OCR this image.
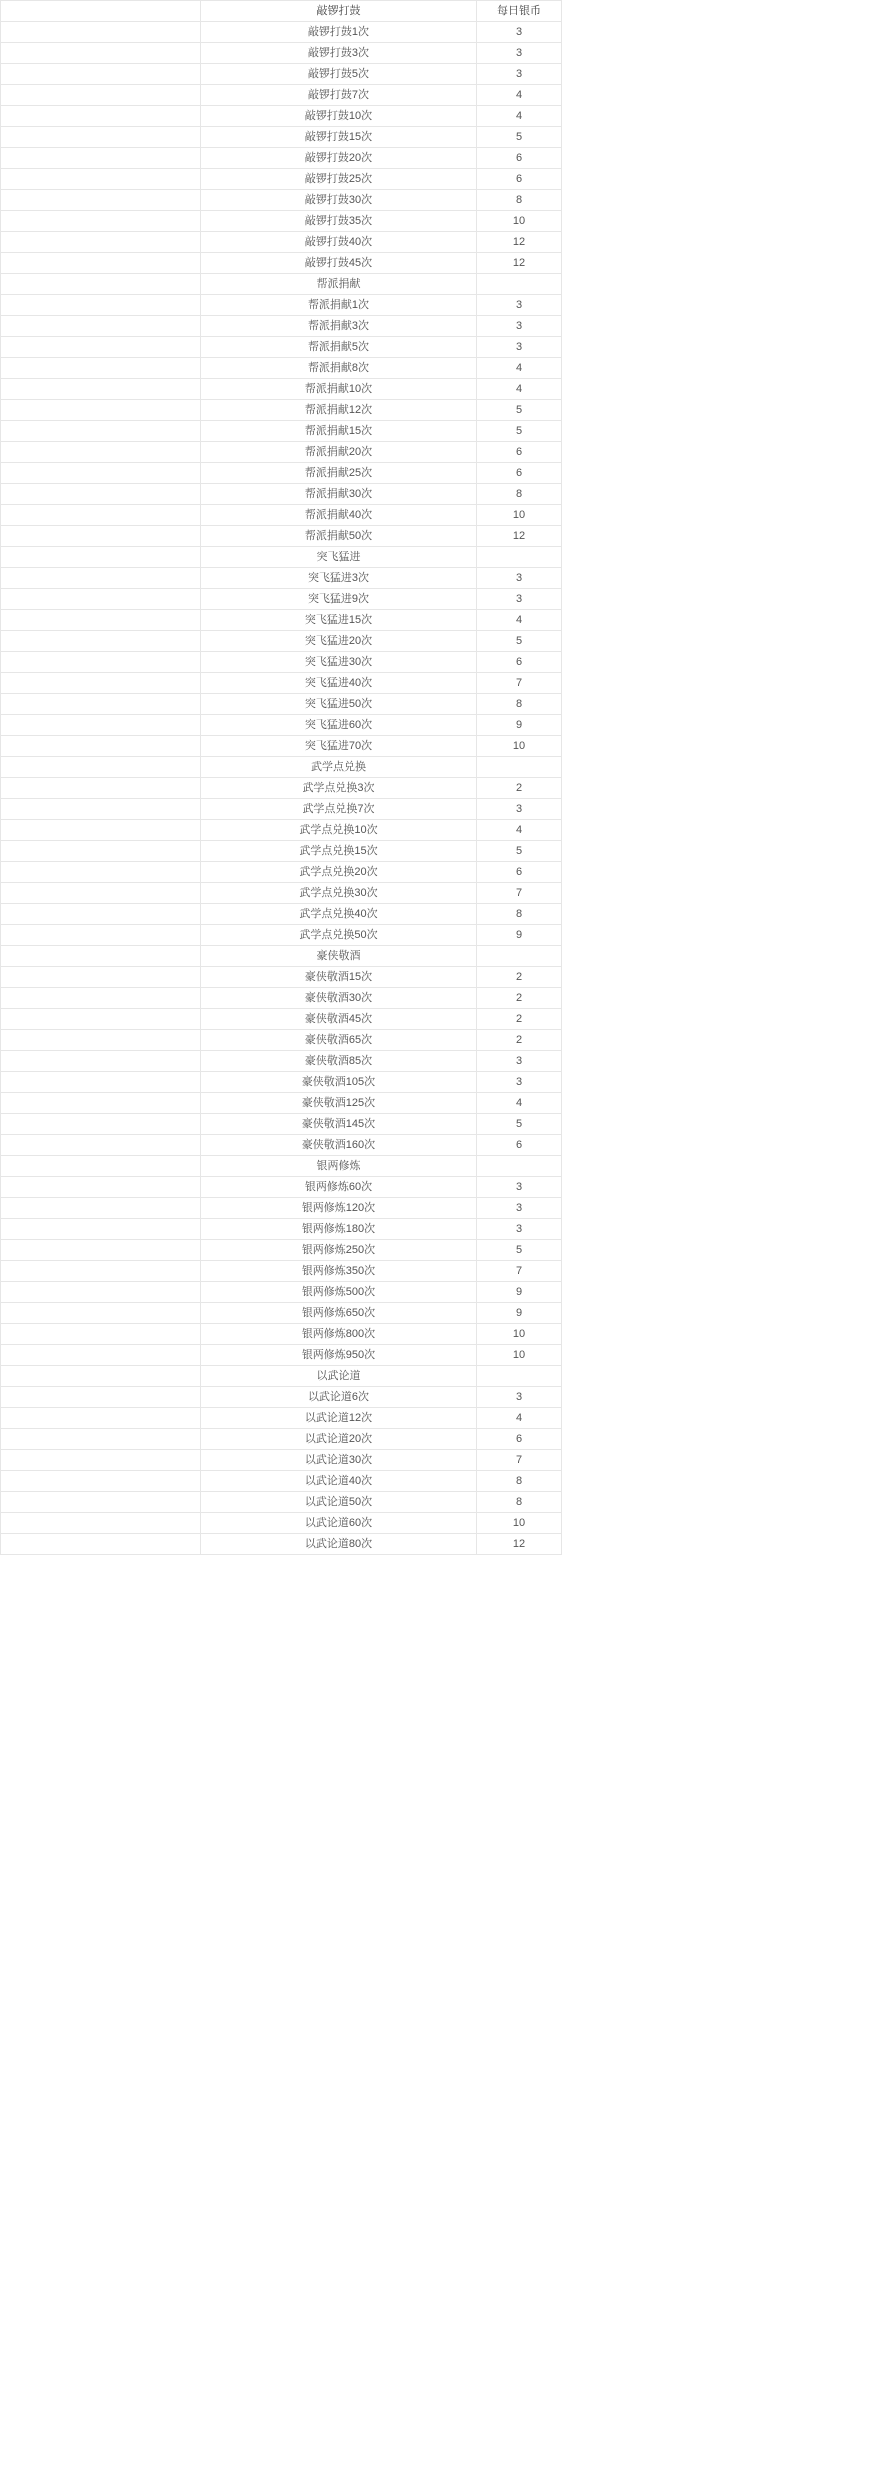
	敲锣打鼓	每日银币
	敲锣打鼓1次	3
	敲锣打鼓3次	3
	敲锣打鼓5次	3
	敲锣打鼓7次	4
	敲锣打鼓10次	4
	敲锣打鼓15次	5
	敲锣打鼓20次	6
	敲锣打鼓25次	6
	敲锣打鼓30次	8
	敲锣打鼓35次	10
	敲锣打鼓40次	12
	敲锣打鼓45次	12
	帮派捐献	
	帮派捐献1次	3
	帮派捐献3次	3
	帮派捐献5次	3
	帮派捐献8次	4
	帮派捐献10次	4
	帮派捐献12次	5
	帮派捐献15次	5
	帮派捐献20次	6
	帮派捐献25次	6
	帮派捐献30次	8
	帮派捐献40次	10
	帮派捐献50次	12
	突飞猛进	
	突飞猛进3次	3
	突飞猛进9次	3
	突飞猛进15次	4
	突飞猛进20次	5
	突飞猛进30次	6
	突飞猛进40次	7
	突飞猛进50次	8
	突飞猛进60次	9
	突飞猛进70次	10
	武学点兑换	
	武学点兑换3次	2
	武学点兑换7次	3
	武学点兑换10次	4
	武学点兑换15次	5
	武学点兑换20次	6
	武学点兑换30次	7
	武学点兑换40次	8
	武学点兑换50次	9
	豪侠敬酒	
	豪侠敬酒15次	2
	豪侠敬酒30次	2
	豪侠敬酒45次	2
	豪侠敬酒65次	2
	豪侠敬酒85次	3
	豪侠敬酒105次	3
	豪侠敬酒125次	4
	豪侠敬酒145次	5
	豪侠敬酒160次	6
	银两修炼	
	银两修炼60次	3
	银两修炼120次	3
	银两修炼180次	3
	银两修炼250次	5
	银两修炼350次	7
	银两修炼500次	9
	银两修炼650次	9
	银两修炼800次	10
	银两修炼950次	10
	以武论道	
	以武论道6次	3
	以武论道12次	4
	以武论道20次	6
	以武论道30次	7
	以武论道40次	8
	以武论道50次	8
	以武论道60次	10
	以武论道80次	12
